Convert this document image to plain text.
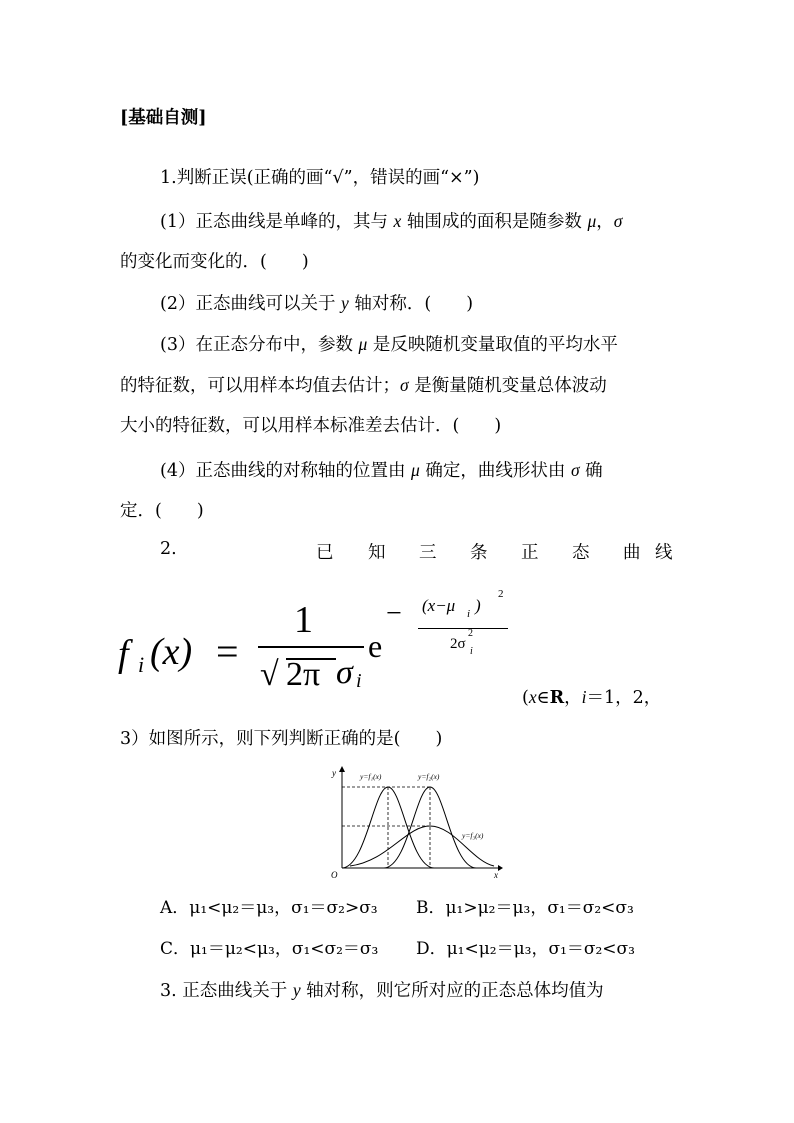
[基础自测]
1.判断正误(正确的画“√”，错误的画“×”)
(1）正态曲线是单峰的，其与 x 轴围成的面积是随参数 μ，σ
的变化而变化的．(　　)
(2）正态曲线可以关于 y 轴对称．(　　)
(3）在正态分布中，参数 μ 是反映随机变量取值的平均水平
的特征数，可以用样本均值去估计；σ 是衡量随机变量总体波动
大小的特征数，可以用样本标准差去估计．(　　)
(4）正态曲线的对称轴的位置由 μ 确定，曲线形状由 σ 确
定．(　　)
2.	已 知 三 条 正 态 曲 线
f i (x) =
1
√ 2π σ i
e
− (x−μ i )
2
2σ i
2
(x∈R，i＝1，2，
3）如图所示，则下列判断正确的是(　　)
y
x
O
y=f₁(x)	y=f₂(x)
y=f₃(x)
A．μ₁<μ₂＝μ₃，σ₁＝σ₂>σ₃ B．μ₁>μ₂＝μ₃，σ₁＝σ₂<σ₃
C．μ₁＝μ₂<μ₃，σ₁<σ₂＝σ₃ D．μ₁<μ₂＝μ₃，σ₁＝σ₂<σ₃
3. 正态曲线关于 y 轴对称，则它所对应的正态总体均值为
